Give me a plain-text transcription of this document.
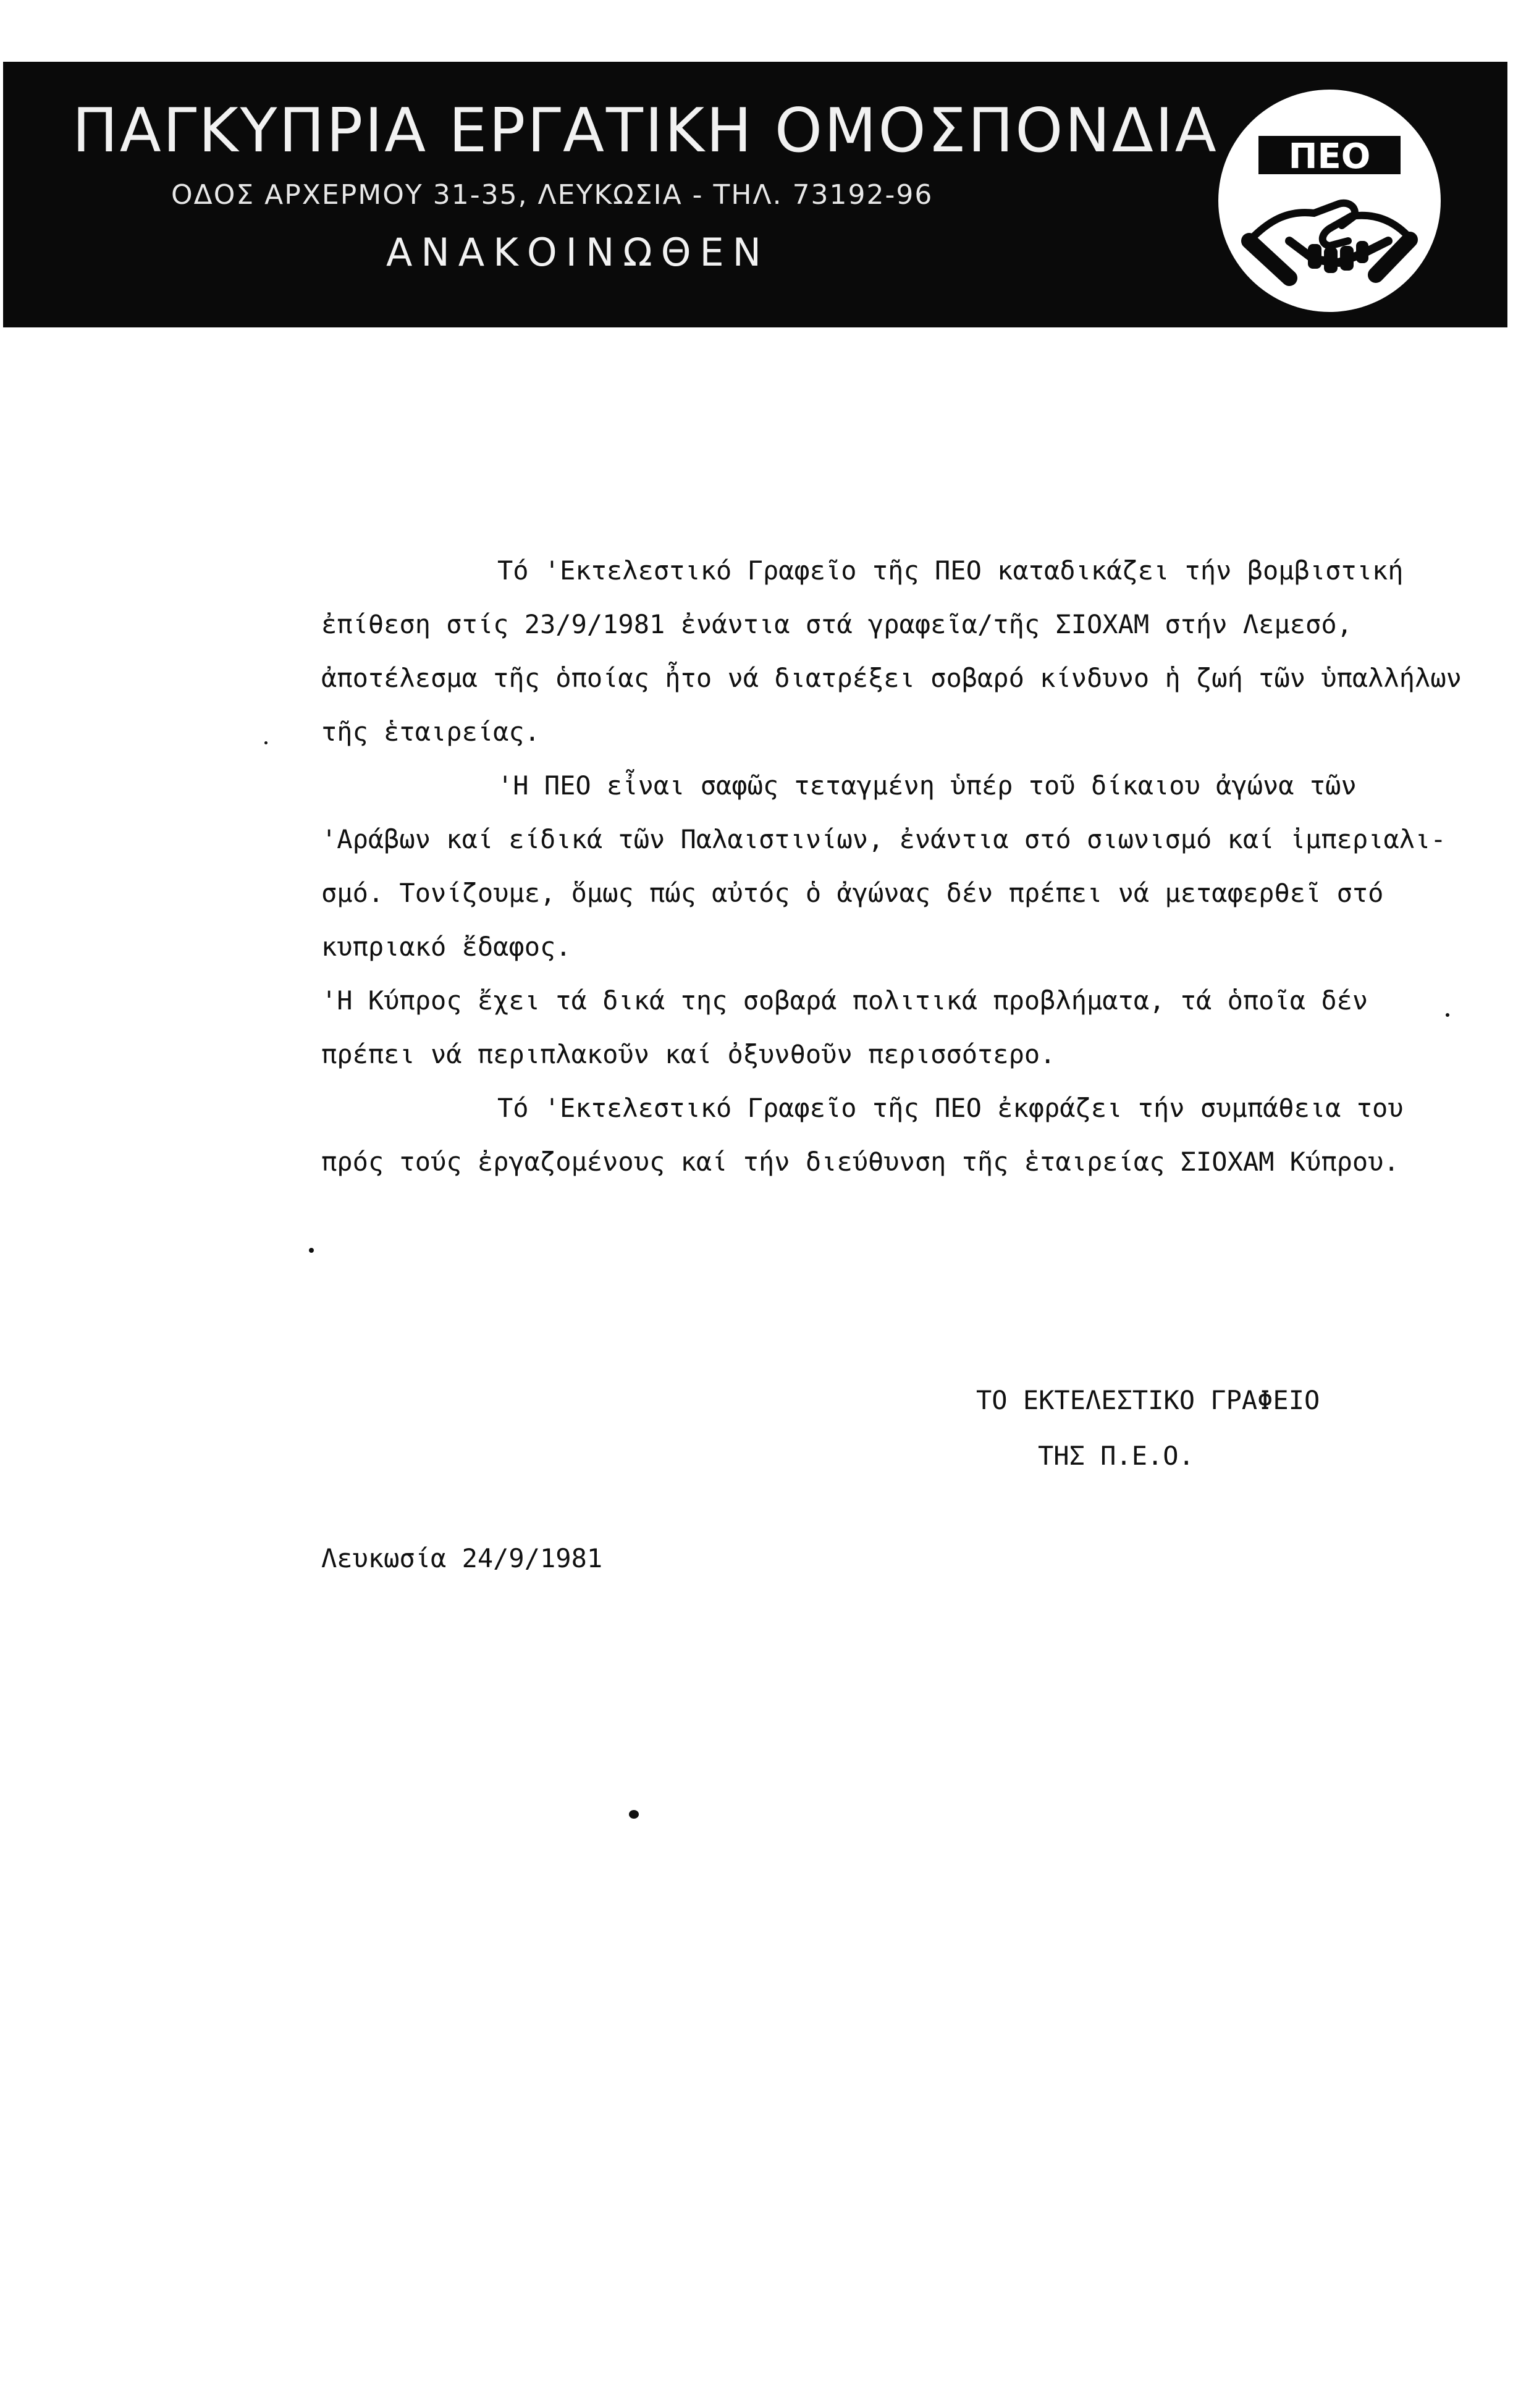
ΠΑΓΚΥΠΡΙΑ ΕΡΓΑΤΙΚΗ ΟΜΟΣΠΟΝΔΙΑ
ΟΔΟΣ ΑΡΧΕΡΜΟΥ 31-35, ΛΕΥΚΩΣΙΑ - ΤΗΛ. 73192-96
ΑΝΑΚΟΙΝΩΘΕΝ
ΠΕΟ
Τό 'Εκτελεστικό Γραφεῖο τῆς ΠΕΟ καταδικάζει τήν βομβιστική
ἐπίθεση στίς 23/9/1981 ἐνάντια στά γραφεῖα/τῆς ΣΙΟΧΑΜ στήν Λεμεσό,
ἀποτέλεσμα τῆς ὁποίας ἦτο νά διατρέξει σοβαρό κίνδυνο ἡ ζωή τῶν ὑπαλλήλων
τῆς ἑταιρείας.
'Η ΠΕΟ εἶναι σαφῶς τεταγμένη ὑπέρ τοῦ δίκαιου ἀγώνα τῶν
'Αράβων καί είδικά τῶν Παλαιστινίων, ἐνάντια στό σιωνισμό καί ἰμπεριαλι-
σμό. Τονίζουμε, ὅμως πώς αὐτός ὁ ἀγώνας δέν πρέπει νά μεταφερθεῖ στό
κυπριακό ἔδαφος.
'Η Κύπρος ἔχει τά δικά της σοβαρά πολιτικά προβλήματα, τά ὁποῖα δέν
πρέπει νά περιπλακοῦν καί ὀξυνθοῦν περισσότερο.
Τό 'Εκτελεστικό Γραφεῖο τῆς ΠΕΟ ἐκφράζει τήν συμπάθεια του
πρός τούς ἐργαζομένους καί τήν διεύθυνση τῆς ἑταιρείας ΣΙΟΧΑΜ Κύπρου.
ΤΟ ΕΚΤΕΛΕΣΤΙΚΟ ΓΡΑΦΕΙΟ
ΤΗΣ Π.Ε.Ο.
Λευκωσία 24/9/1981
